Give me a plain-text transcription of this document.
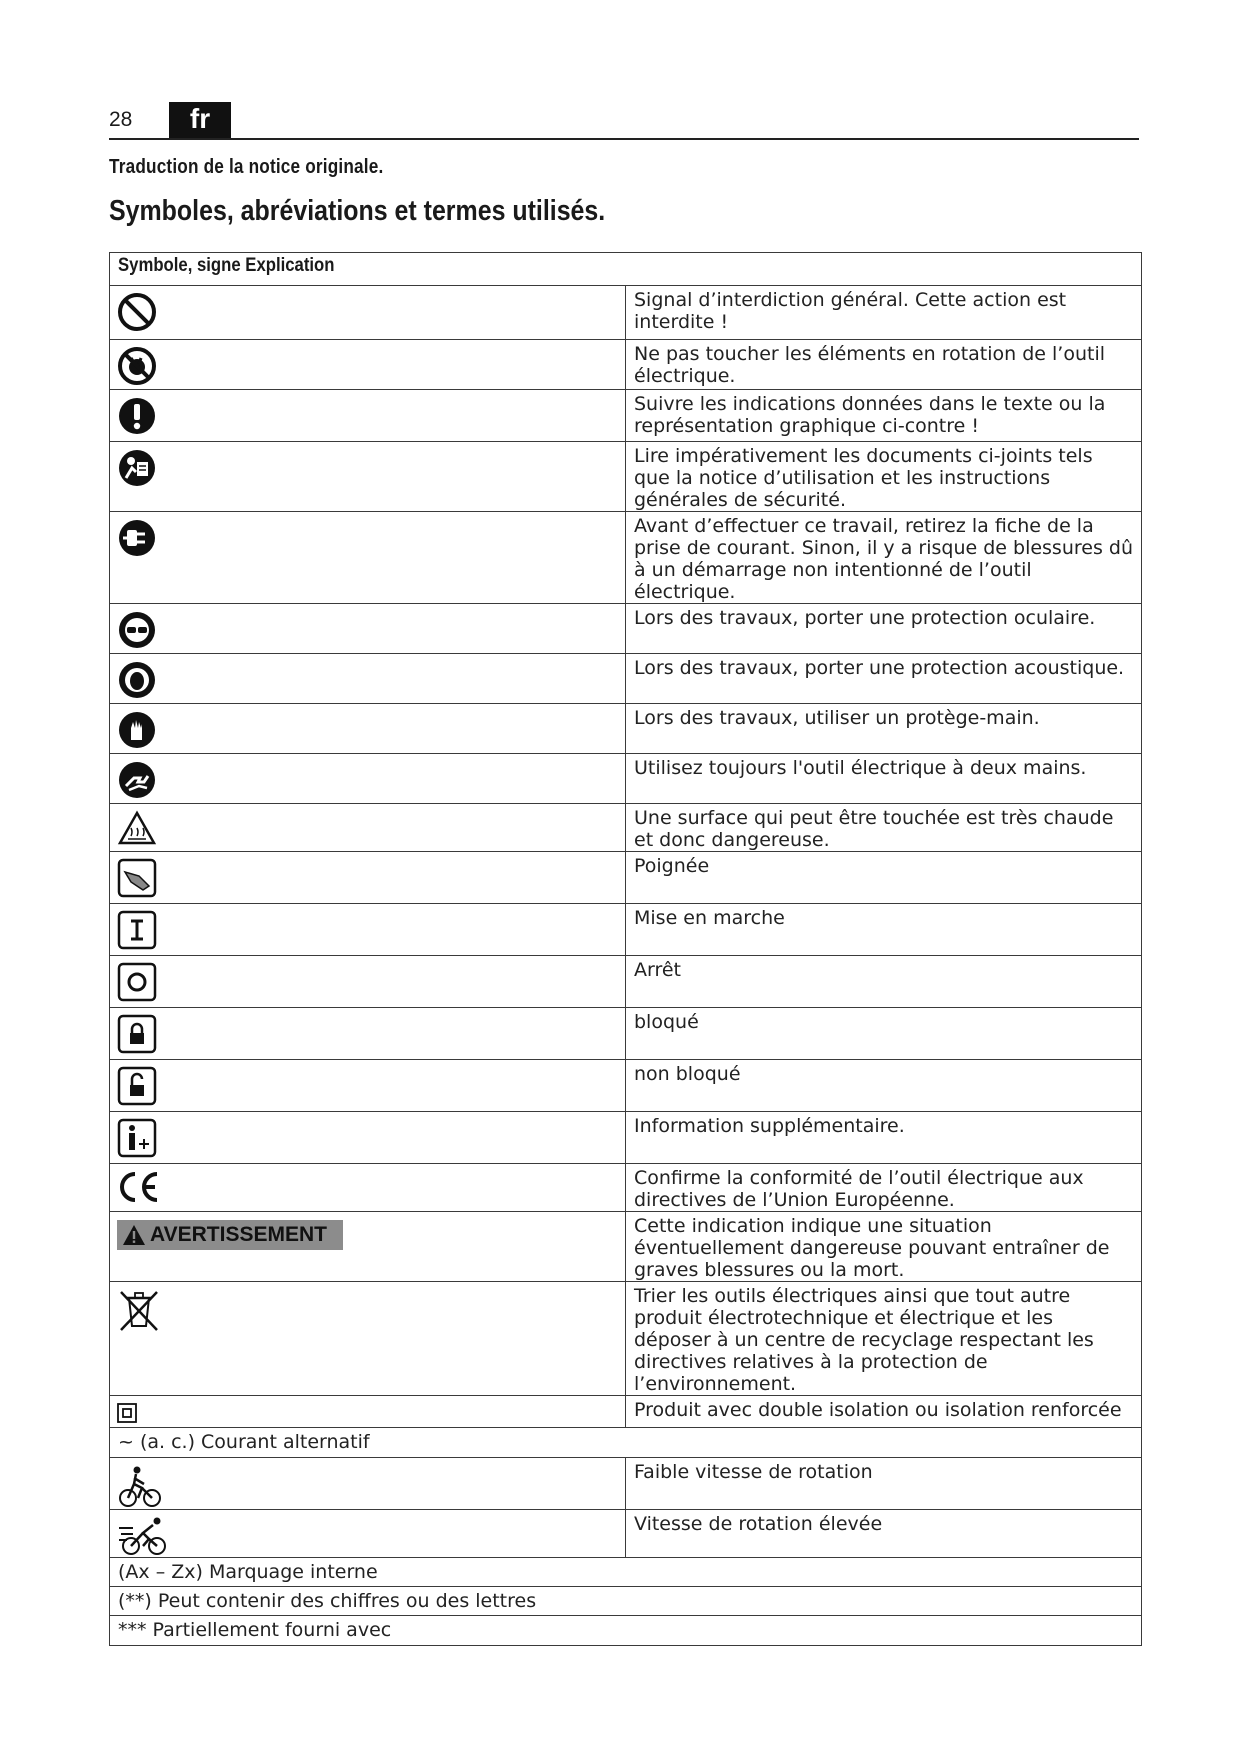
28	fr
Traduction de la notice originale.
Symboles, abréviations et termes utilisés.
Symbole, signe Explication	

	Signal d’interdiction général. Cette action est interdite !

	Ne pas toucher les éléments en rotation de l’outil électrique.

	Suivre les indications données dans le texte ou la représentation graphique ci-contre !

	Lire impérativement les documents ci-joints tels que la notice d’utilisation et les instructions générales de sécurité.

	Avant d’effectuer ce travail, retirez la fiche de la prise de courant. Sinon, il y a risque de blessures dû à un démarrage non intentionné de l’outil électrique.

	Lors des travaux, porter une protection oculaire.

	Lors des travaux, porter une protection acoustique.

	Lors des travaux, utiliser un protège-main.

	Utilisez toujours l'outil électrique à deux mains.

	Une surface qui peut être touchée est très chaude et donc dangereuse.

	Poignée

	Mise en marche

	Arrêt

	bloqué

	non bloqué

	Information supplémentaire.

	Confirme la conformité de l’outil électrique aux directives de l’Union Européenne.

AVERTISSEMENT	Cette indication indique une situation éventuellement dangereuse pouvant entraîner de graves blessures ou la mort.

	Trier les outils électriques ainsi que tout autre produit électrotechnique et électrique et les déposer à un centre de recyclage respectant les directives relatives à la protection de l’environnement.

	Produit avec double isolation ou isolation renforcée
~ (a. c.) Courant alternatif	

	Faible vitesse de rotation

	Vitesse de rotation élevée
(Ax – Zx) Marquage interne	
(**) Peut contenir des chiffres ou des lettres	
*** Partiellement fourni avec	
